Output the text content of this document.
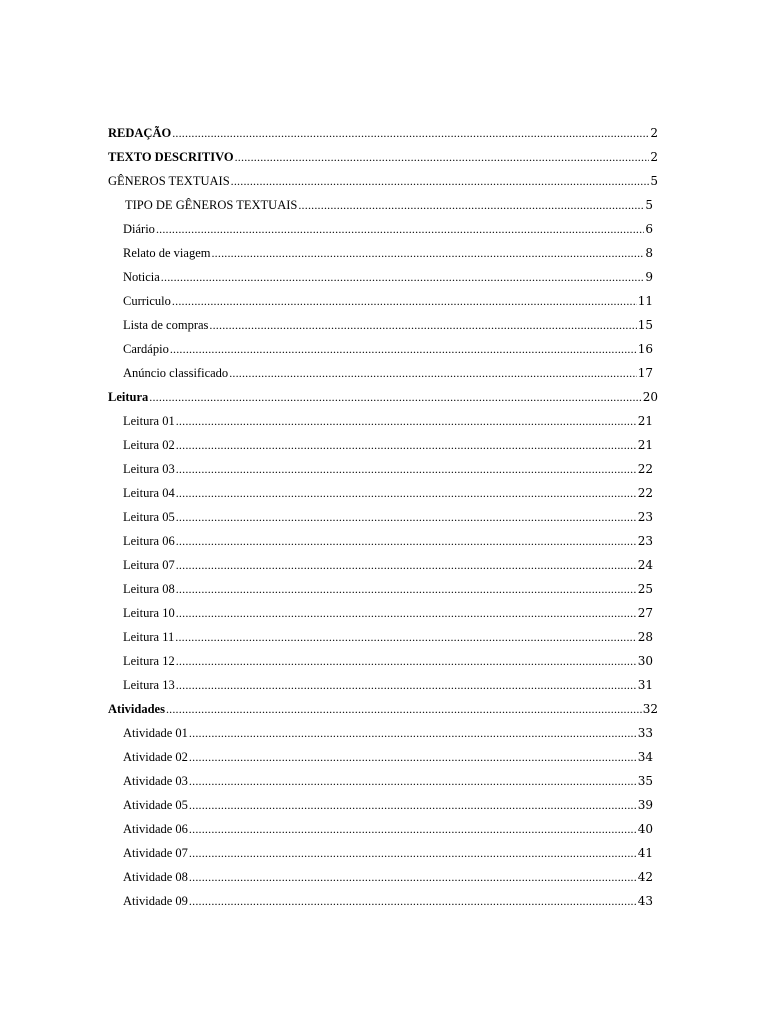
REDAÇÃO .....	2
TEXTO DESCRITIVO .....	2
GÊNEROS TEXTUAIS .....	5
TIPO DE GÊNEROS TEXTUAIS .....	5
Diário .....	6
Relato de viagem .....	8
Noticia .....	9
Curriculo .....	11
Lista de compras .....	15
Cardápio .....	16
Anúncio classificado .....	17
Leitura .....	20
Leitura 01 .....	21
Leitura 02 .....	21
Leitura 03 .....	22
Leitura 04 .....	22
Leitura 05 .....	23
Leitura 06 .....	23
Leitura 07 .....	24
Leitura 08 .....	25
Leitura 10 .....	27
Leitura 11 .....	28
Leitura 12 .....	30
Leitura 13 .....	31
Atividades .....	32
Atividade 01 .....	33
Atividade 02 .....	34
Atividade 03 .....	35
Atividade 05 .....	39
Atividade 06 .....	40
Atividade 07 .....	41
Atividade 08 .....	42
Atividade 09 .....	43
